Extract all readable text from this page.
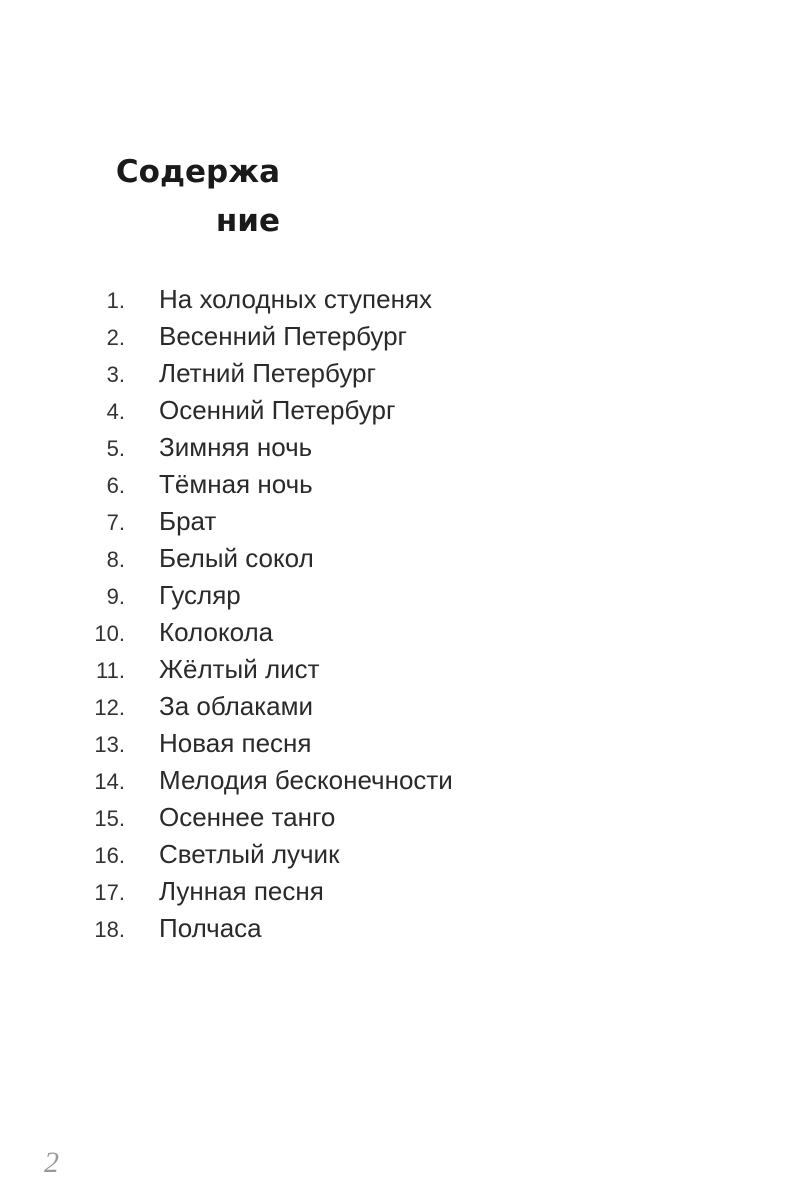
Содержа
ние
1. На холодных ступенях
2. Весенний Петербург
3. Летний Петербург
4. Осенний Петербург
5. Зимняя ночь
6. Тёмная ночь
7. Брат
8. Белый сокол
9. Гусляр
10. Колокола
11. Жёлтый лист
12. За облаками
13. Новая песня
14. Мелодия бесконечности
15. Осеннее танго
16. Светлый лучик
17. Лунная песня
18. Полчаса
2
